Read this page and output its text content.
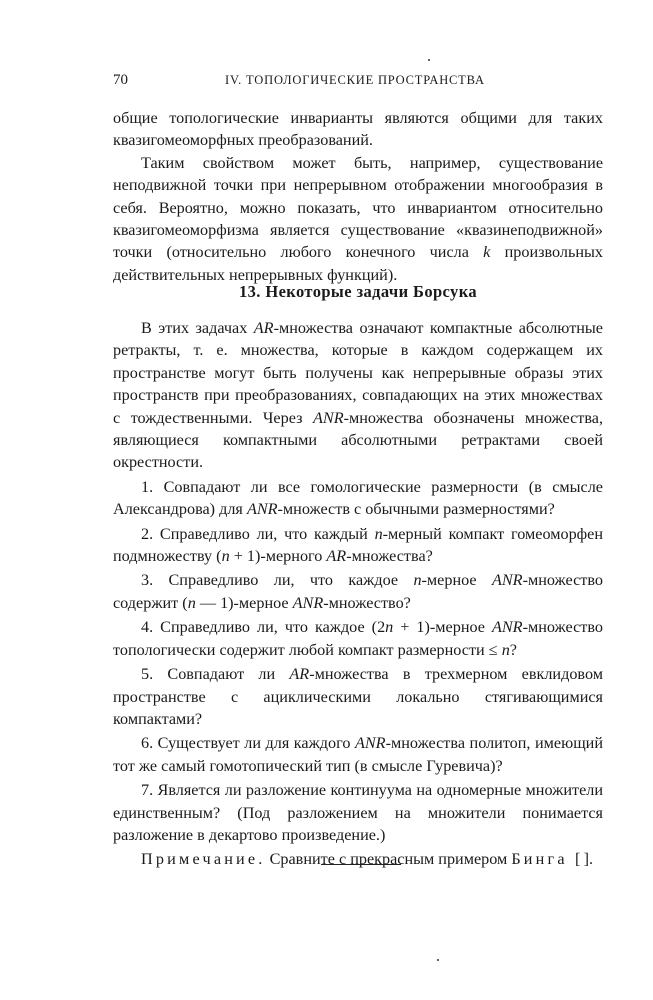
70	IV. ТОПОЛОГИЧЕСКИЕ ПРОСТРАНСТВА

общие топологические инварианты являются общими для таких квазигомеоморфных преобразований.

Таким свойством может быть, например, существование неподвижной точки при непрерывном отображении многообразия в себя. Вероятно, можно показать, что инвариантом относительно квазигомеоморфизма является существование «квазинеподвижной» точки (относительно любого конечного числа k произвольных действительных непрерывных функций).

13. Некоторые задачи Борсука

В этих задачах AR-множества означают компактные абсолютные ретракты, т. е. множества, которые в каждом содержащем их пространстве могут быть получены как непрерывные образы этих пространств при преобразованиях, совпадающих на этих множествах с тождественными. Через ANR-множества обозначены множества, являющиеся компактными абсолютными ретрактами своей окрестности.

1. Совпадают ли все гомологические размерности (в смысле Александрова) для ANR-множеств с обычными размерностями?

2. Справедливо ли, что каждый n-мерный компакт гомеоморфен подмножеству (n + 1)-мерного AR-множества?

3. Справедливо ли, что каждое n-мерное ANR-множество содержит (n — 1)-мерное ANR-множество?

4. Справедливо ли, что каждое (2n + 1)-мерное ANR-множество топологически содержит любой компакт размерности ≤ n?

5. Совпадают ли AR-множества в трехмерном евклидовом пространстве с ациклическими локально стягивающимися компактами?

6. Существует ли для каждого ANR-множества политоп, имеющий тот же самый гомотопический тип (в смысле Гуревича)?

7. Является ли разложение континуума на одномерные множители единственным? (Под разложением на множители понимается разложение в декартово произведение.)

Примечание. Сравните с прекрасным примером Бинга [].
